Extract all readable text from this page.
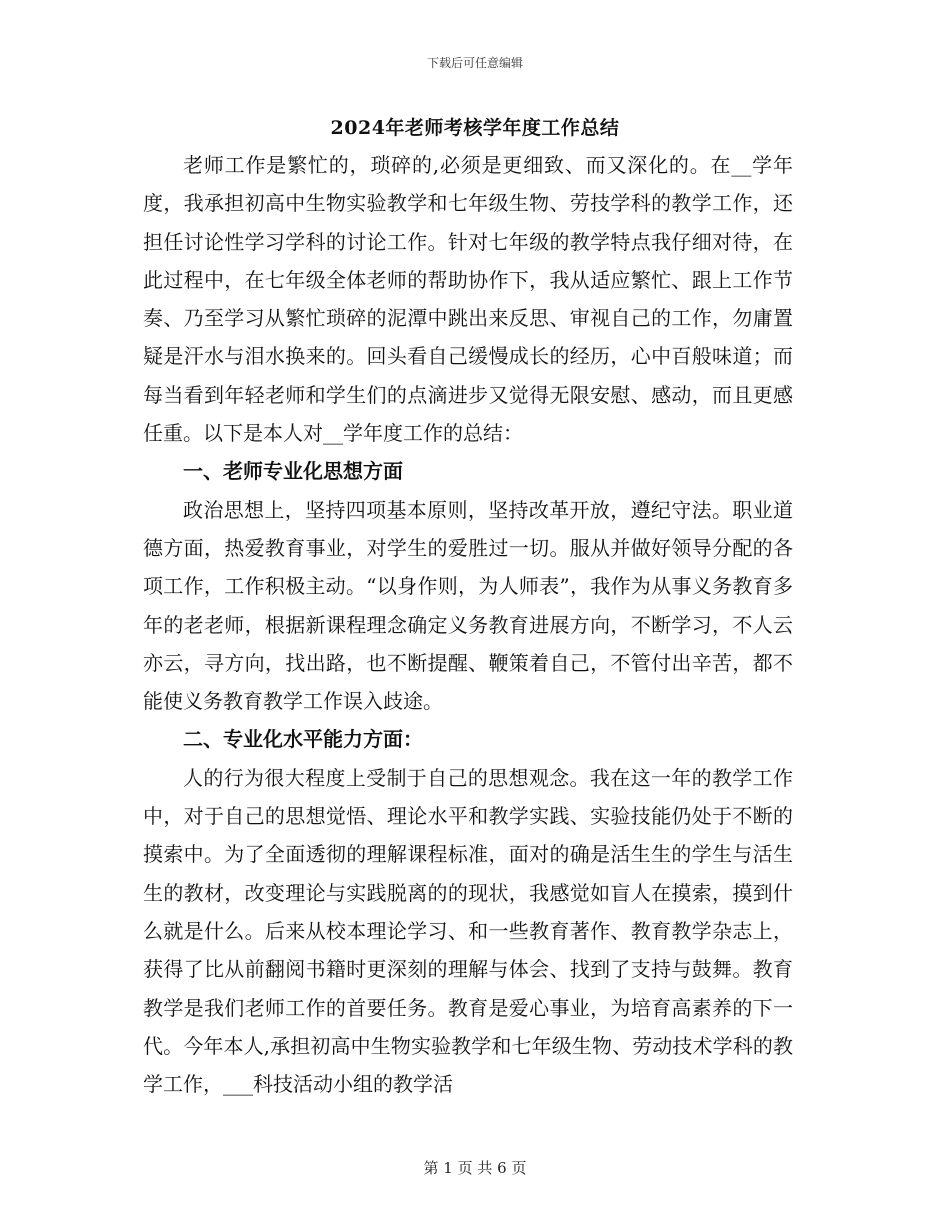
下载后可任意编辑
2024年老师考核学年度工作总结

老师工作是繁忙的，琐碎的,必须是更细致、而又深化的。在__学年度，我承担初高中生物实验教学和七年级生物、劳技学科的教学工作，还担任讨论性学习学科的讨论工作。针对七年级的教学特点我仔细对待，在此过程中，在七年级全体老师的帮助协作下，我从适应繁忙、跟上工作节奏、乃至学习从繁忙琐碎的泥潭中跳出来反思、审视自己的工作，勿庸置疑是汗水与泪水换来的。回头看自己缓慢成长的经历，心中百般味道；而每当看到年轻老师和学生们的点滴进步又觉得无限安慰、感动，而且更感任重。以下是本人对__学年度工作的总结：

一、老师专业化思想方面

政治思想上，坚持四项基本原则，坚持改革开放，遵纪守法。职业道德方面，热爱教育事业，对学生的爱胜过一切。服从并做好领导分配的各项工作，工作积极主动。“以身作则，为人师表”，我作为从事义务教育多年的老老师，根据新课程理念确定义务教育进展方向，不断学习，不人云亦云，寻方向，找出路，也不断提醒、鞭策着自己，不管付出辛苦，都不能使义务教育教学工作误入歧途。

二、专业化水平能力方面：

人的行为很大程度上受制于自己的思想观念。我在这一年的教学工作中，对于自己的思想觉悟、理论水平和教学实践、实验技能仍处于不断的摸索中。为了全面透彻的理解课程标准，面对的确是活生生的学生与活生生的教材，改变理论与实践脱离的的现状，我感觉如盲人在摸索，摸到什么就是什么。后来从校本理论学习、和一些教育著作、教育教学杂志上，获得了比从前翻阅书籍时更深刻的理解与体会、找到了支持与鼓舞。教育教学是我们老师工作的首要任务。教育是爱心事业，为培育高素养的下一代。今年本人,承担初高中生物实验教学和七年级生物、劳动技术学科的教学工作，___科技活动小组的教学活

第 1 页 共 6 页
